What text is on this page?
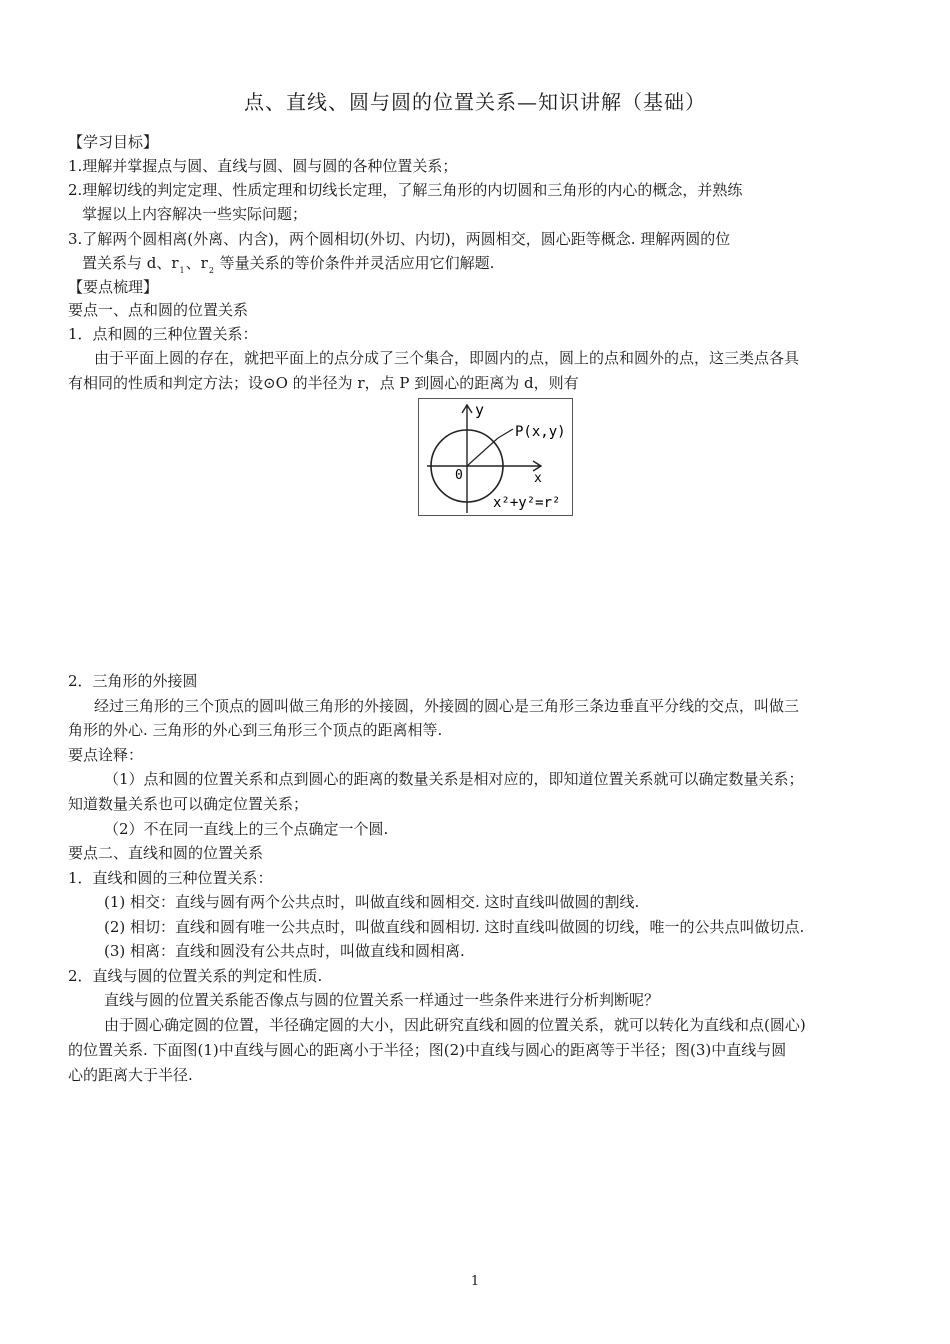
点、直线、圆与圆的位置关系—知识讲解（基础）
【学习目标】
1.理解并掌握点与圆、直线与圆、圆与圆的各种位置关系；
2.理解切线的判定定理、性质定理和切线长定理，了解三角形的内切圆和三角形的内心的概念，并熟练
掌握以上内容解决一些实际问题；
3.了解两个圆相离(外离、内含)，两个圆相切(外切、内切)，两圆相交，圆心距等概念. 理解两圆的位
置关系与 d、$r_1$、$r_2$ 等量关系的等价条件并灵活应用它们解题.
【要点梳理】
要点一、点和圆的位置关系
1．点和圆的三种位置关系：
由于平面上圆的存在，就把平面上的点分成了三个集合，即圆内的点，圆上的点和圆外的点，这三类点各具
有相同的性质和判定方法；设⊙O 的半径为 r，点 P 到圆心的距离为 d，则有
y
x
0
P(x,y)
x²+y²=r²
2．三角形的外接圆
经过三角形的三个顶点的圆叫做三角形的外接圆，外接圆的圆心是三角形三条边垂直平分线的交点，叫做三
角形的外心. 三角形的外心到三角形三个顶点的距离相等.
要点诠释：
（1）点和圆的位置关系和点到圆心的距离的数量关系是相对应的，即知道位置关系就可以确定数量关系；
知道数量关系也可以确定位置关系；
（2）不在同一直线上的三个点确定一个圆.
要点二、直线和圆的位置关系
1．直线和圆的三种位置关系：
(1) 相交：直线与圆有两个公共点时，叫做直线和圆相交. 这时直线叫做圆的割线.
(2) 相切：直线和圆有唯一公共点时，叫做直线和圆相切. 这时直线叫做圆的切线，唯一的公共点叫做切点.
(3) 相离：直线和圆没有公共点时，叫做直线和圆相离.
2．直线与圆的位置关系的判定和性质.
直线与圆的位置关系能否像点与圆的位置关系一样通过一些条件来进行分析判断呢？
由于圆心确定圆的位置，半径确定圆的大小，因此研究直线和圆的位置关系，就可以转化为直线和点(圆心)
的位置关系. 下面图(1)中直线与圆心的距离小于半径；图(2)中直线与圆心的距离等于半径；图(3)中直线与圆
心的距离大于半径.
1
